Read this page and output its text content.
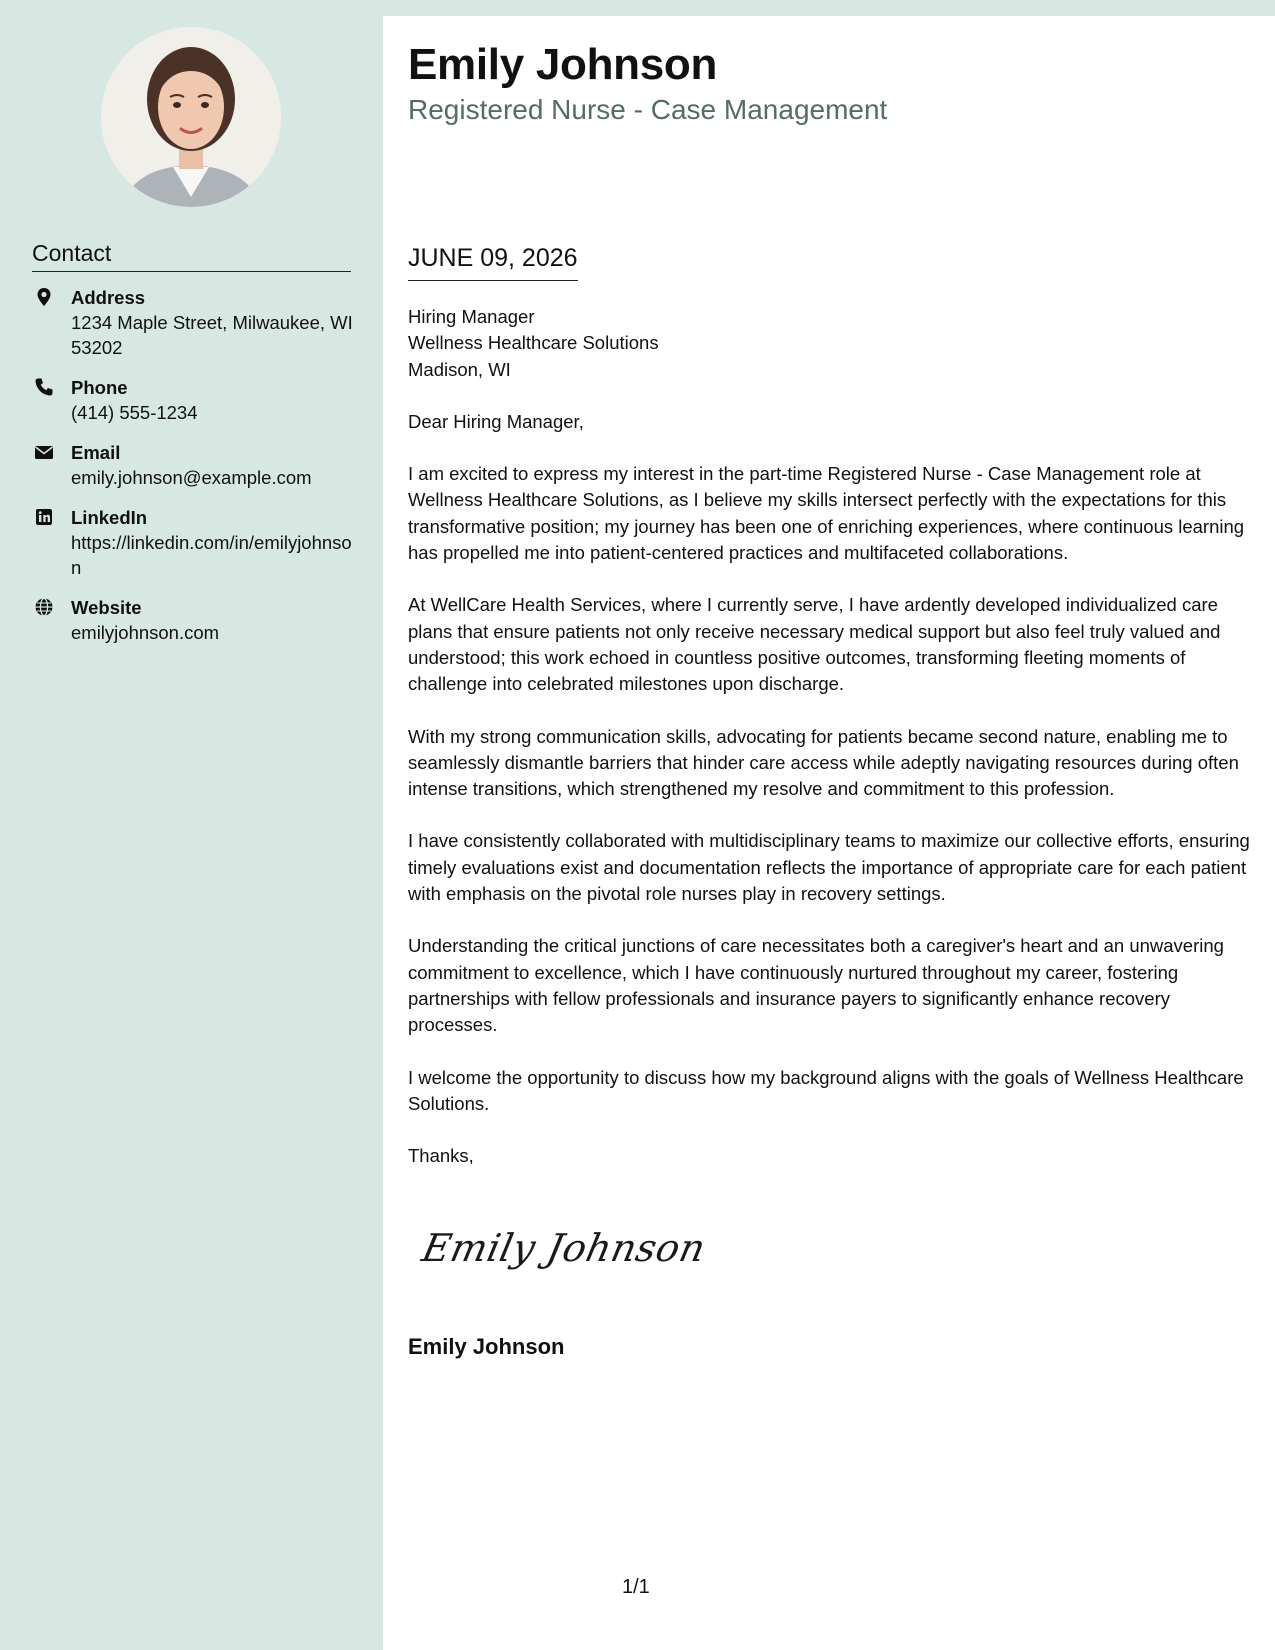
Contact
Address
1234 Maple Street, Milwaukee, WI 53202
Phone
(414) 555-1234
Email
emily.johnson@example.com
LinkedIn
https://linkedin.com/in/emilyjohnson
Website
emilyjohnson.com
Emily Johnson
Registered Nurse - Case Management
JUNE 09, 2026

Hiring Manager

Wellness Healthcare Solutions

Madison, WI

Dear Hiring Manager,

I am excited to express my interest in the part-time Registered Nurse - Case Management role at Wellness Healthcare Solutions, as I believe my skills intersect perfectly with the expectations for this transformative position; my journey has been one of enriching experiences, where continuous learning has propelled me into patient-centered practices and multifaceted collaborations.

At WellCare Health Services, where I currently serve, I have ardently developed individualized care plans that ensure patients not only receive necessary medical support but also feel truly valued and understood; this work echoed in countless positive outcomes, transforming fleeting moments of challenge into celebrated milestones upon discharge.

With my strong communication skills, advocating for patients became second nature, enabling me to seamlessly dismantle barriers that hinder care access while adeptly navigating resources during often intense transitions, which strengthened my resolve and commitment to this profession.

I have consistently collaborated with multidisciplinary teams to maximize our collective efforts, ensuring timely evaluations exist and documentation reflects the importance of appropriate care for each patient with emphasis on the pivotal role nurses play in recovery settings.

Understanding the critical junctions of care necessitates both a caregiver's heart and an unwavering commitment to excellence, which I have continuously nurtured throughout my career, fostering partnerships with fellow professionals and insurance payers to significantly enhance recovery processes.

I welcome the opportunity to discuss how my background aligns with the goals of Wellness Healthcare Solutions.

Thanks,

Emily Johnson
Emily Johnson
1/1
